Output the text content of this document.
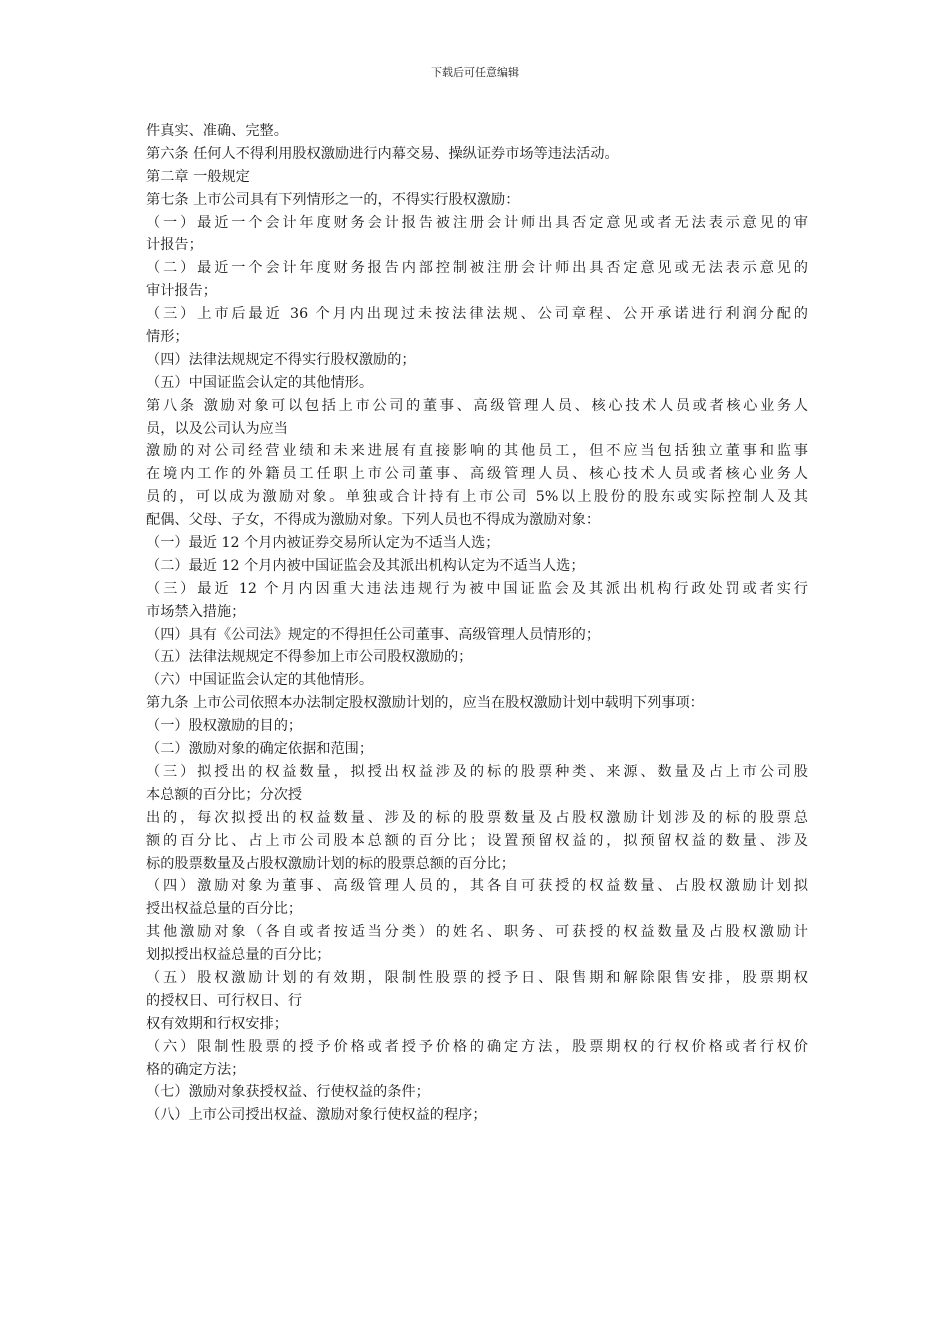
下载后可任意编辑
件真实、准确、完整。
第六条 任何人不得利用股权激励进行内幕交易、操纵证券市场等违法活动。
第二章 一般规定
第七条 上市公司具有下列情形之一的，不得实行股权激励：
（一）最近一个会计年度财务会计报告被注册会计师出具否定意见或者无法表示意见的审
计报告；
（二）最近一个会计年度财务报告内部控制被注册会计师出具否定意见或无法表示意见的
审计报告；
（三）上市后最近 36 个月内出现过未按法律法规、公司章程、公开承诺进行利润分配的
情形；
（四）法律法规规定不得实行股权激励的；
（五）中国证监会认定的其他情形。
第八条 激励对象可以包括上市公司的董事、高级管理人员、核心技术人员或者核心业务人
员，以及公司认为应当
激励的对公司经营业绩和未来进展有直接影响的其他员工，但不应当包括独立董事和监事
在境内工作的外籍员工任职上市公司董事、高级管理人员、核心技术人员或者核心业务人
员的，可以成为激励对象。单独或合计持有上市公司 5%以上股份的股东或实际控制人及其
配偶、父母、子女，不得成为激励对象。下列人员也不得成为激励对象：
（一）最近 12 个月内被证券交易所认定为不适当人选；
（二）最近 12 个月内被中国证监会及其派出机构认定为不适当人选；
（三）最近 12 个月内因重大违法违规行为被中国证监会及其派出机构行政处罚或者实行
市场禁入措施；
（四）具有《公司法》规定的不得担任公司董事、高级管理人员情形的；
（五）法律法规规定不得参加上市公司股权激励的；
（六）中国证监会认定的其他情形。
第九条 上市公司依照本办法制定股权激励计划的，应当在股权激励计划中载明下列事项：
（一）股权激励的目的；
（二）激励对象的确定依据和范围；
（三）拟授出的权益数量，拟授出权益涉及的标的股票种类、来源、数量及占上市公司股
本总额的百分比；分次授
出的，每次拟授出的权益数量、涉及的标的股票数量及占股权激励计划涉及的标的股票总
额的百分比、占上市公司股本总额的百分比；设置预留权益的，拟预留权益的数量、涉及
标的股票数量及占股权激励计划的标的股票总额的百分比；
（四）激励对象为董事、高级管理人员的，其各自可获授的权益数量、占股权激励计划拟
授出权益总量的百分比；
其他激励对象（各自或者按适当分类）的姓名、职务、可获授的权益数量及占股权激励计
划拟授出权益总量的百分比；
（五）股权激励计划的有效期，限制性股票的授予日、限售期和解除限售安排，股票期权
的授权日、可行权日、行
权有效期和行权安排；
（六）限制性股票的授予价格或者授予价格的确定方法，股票期权的行权价格或者行权价
格的确定方法；
（七）激励对象获授权益、行使权益的条件；
（八）上市公司授出权益、激励对象行使权益的程序；
